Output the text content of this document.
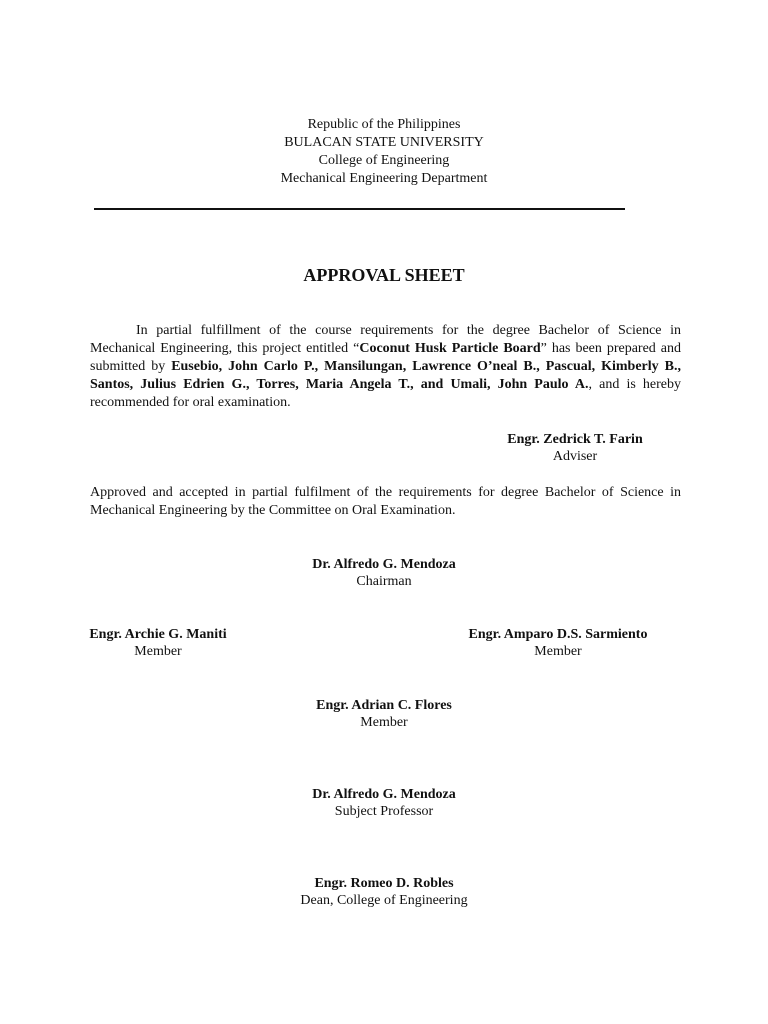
Republic of the Philippines
BULACAN STATE UNIVERSITY
College of Engineering
Mechanical Engineering Department
APPROVAL SHEET
In partial fulfillment of the course requirements for the degree Bachelor of Science in Mechanical Engineering, this project entitled “Coconut Husk Particle Board” has been prepared and submitted by Eusebio, John Carlo P., Mansilungan, Lawrence O’neal B., Pascual, Kimberly B., Santos, Julius Edrien G., Torres, Maria Angela T., and Umali, John Paulo A., and is hereby recommended for oral examination.
Engr. Zedrick T. Farin
Adviser
Approved and accepted in partial fulfilment of the requirements for degree Bachelor of Science in Mechanical Engineering by the Committee on Oral Examination.
Dr. Alfredo G. Mendoza
Chairman
Engr. Archie G. Maniti
Member
Engr. Amparo D.S. Sarmiento
Member
Engr. Adrian C. Flores
Member
Dr. Alfredo G. Mendoza
Subject Professor
Engr. Romeo D. Robles
Dean, College of Engineering
